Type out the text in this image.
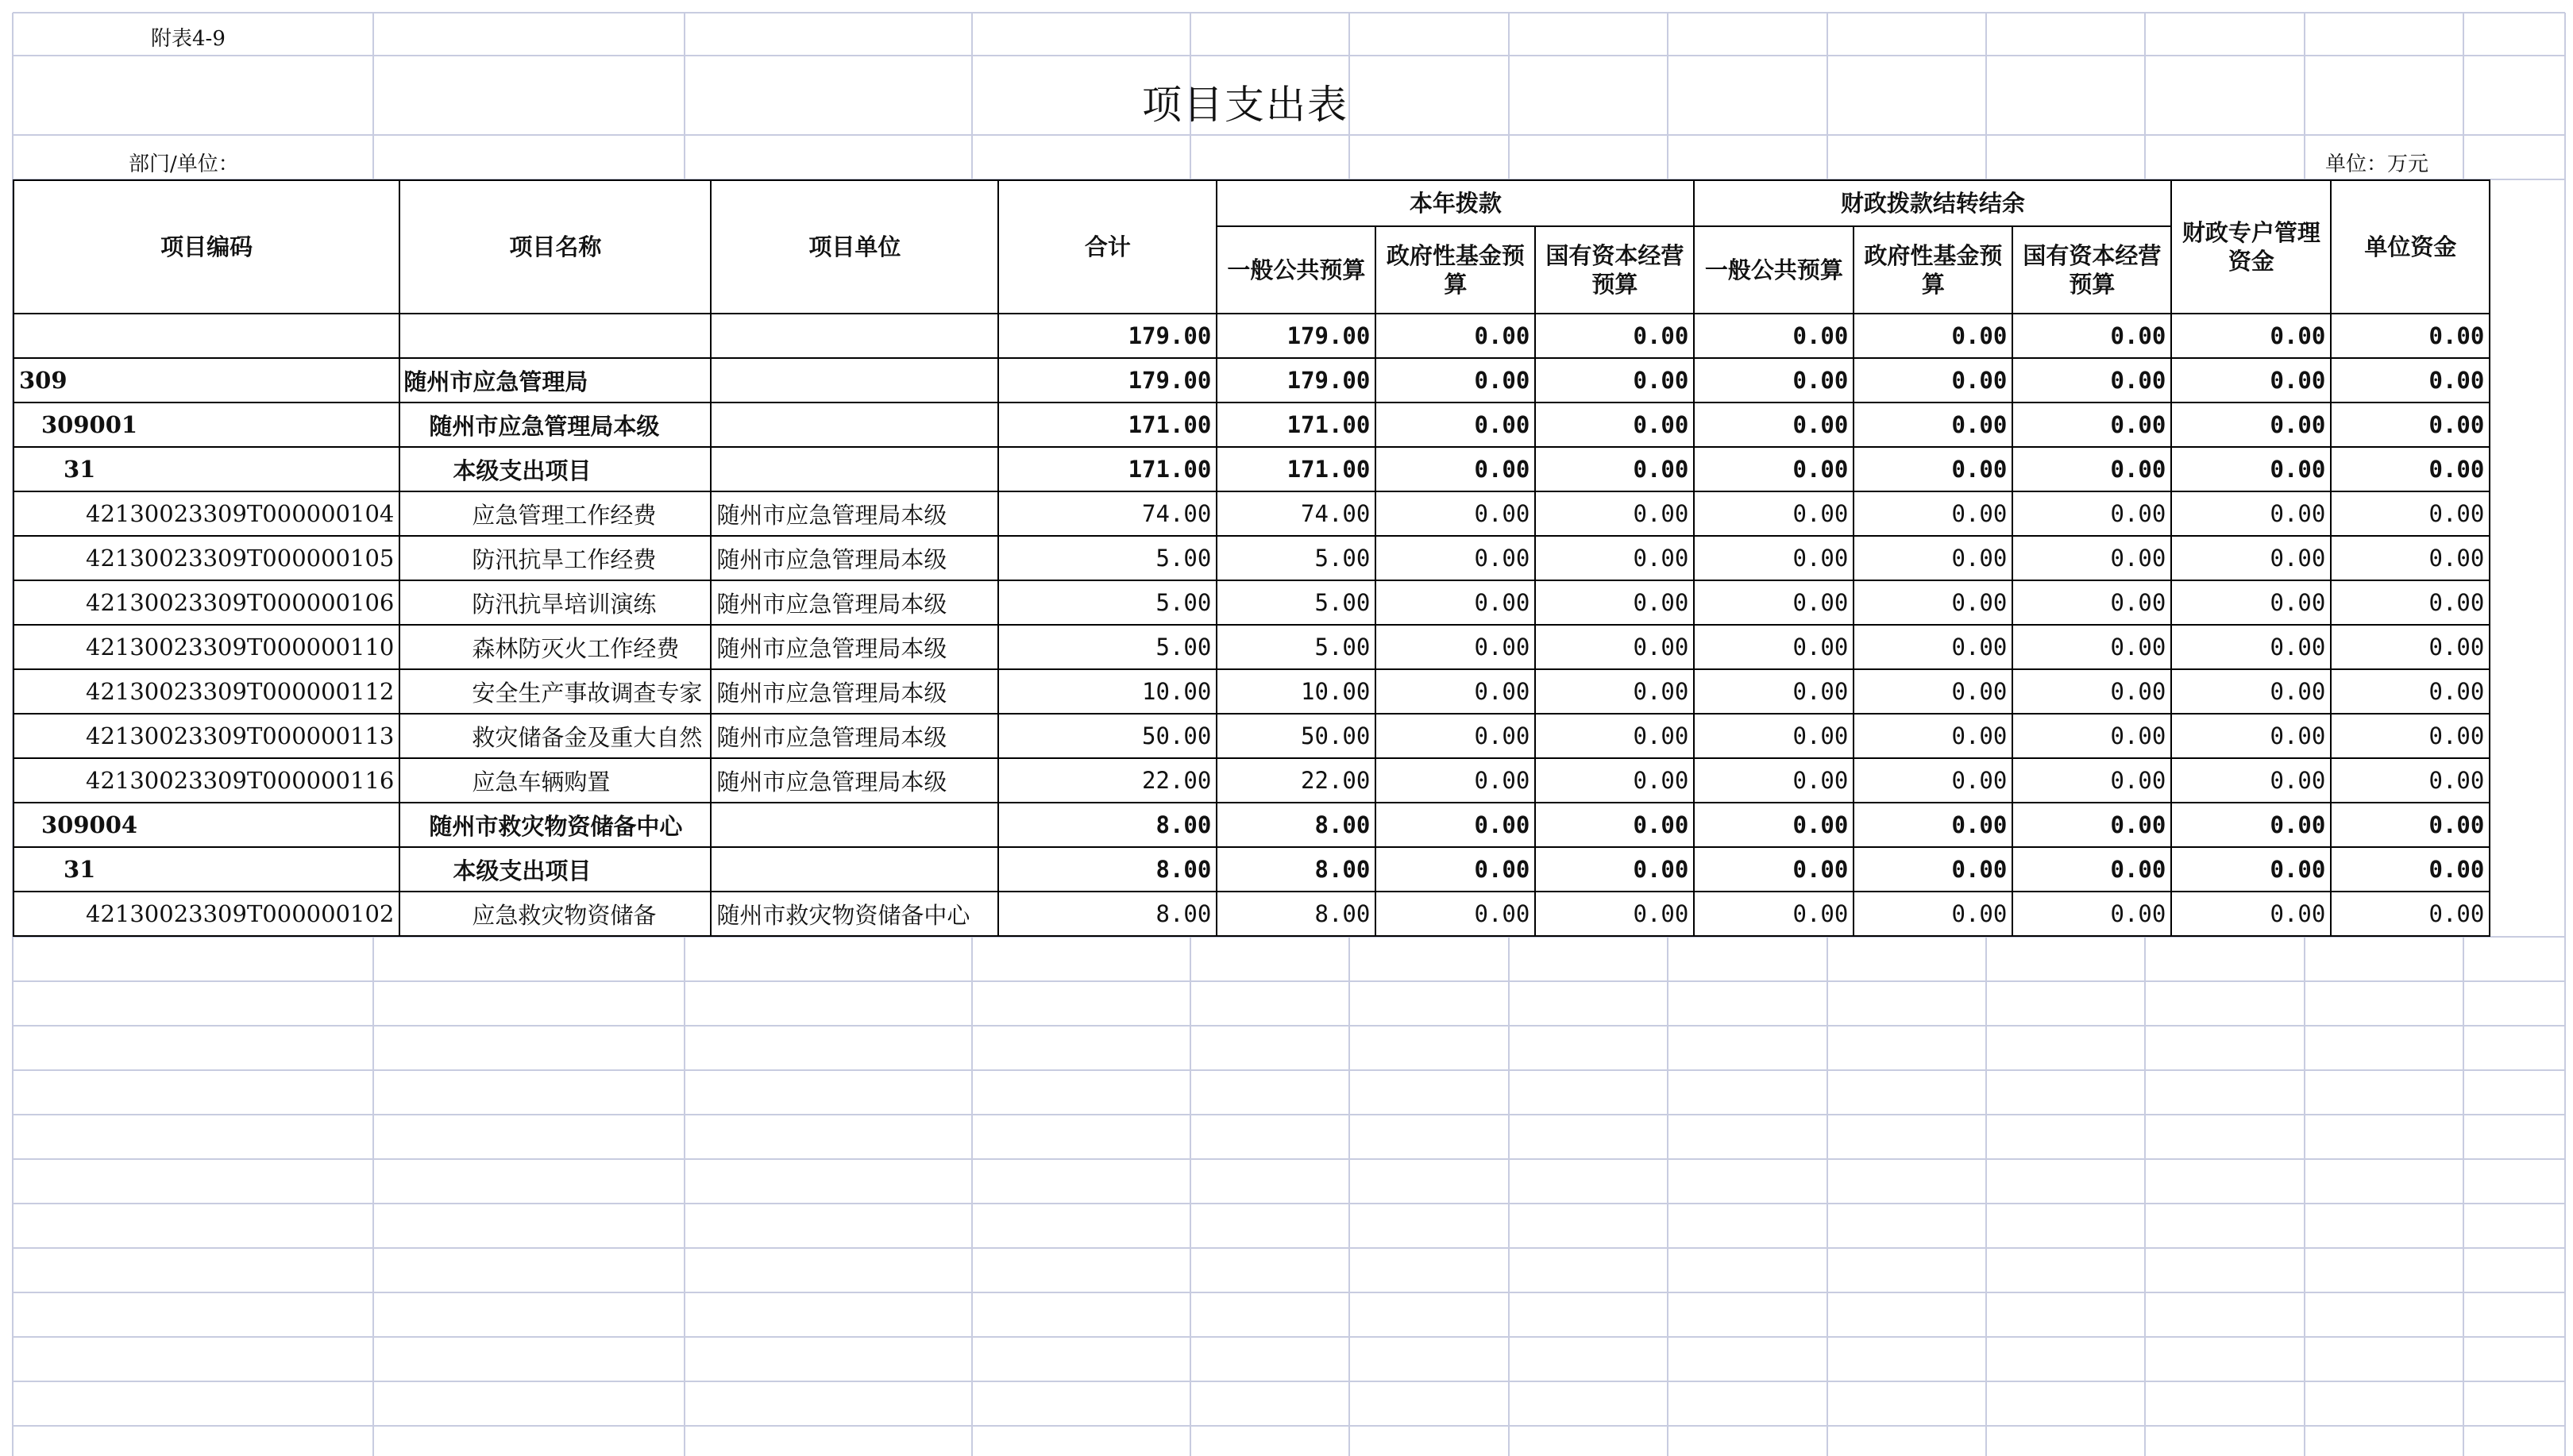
附表4-9
项目支出表
部门/单位：	单位：万元
项目编码	项目名称	项目单位	合计	本年拨款			财政拨款结转结余			财政专户管理资金	单位资金
				一般公共预算	政府性基金预算	国有资本经营预算	一般公共预算	政府性基金预算	国有资本经营预算		
			179.00	179.00	0.00	0.00	0.00	0.00	0.00	0.00	0.00
309	随州市应急管理局		179.00	179.00	0.00	0.00	0.00	0.00	0.00	0.00	0.00
309001	随州市应急管理局本级		171.00	171.00	0.00	0.00	0.00	0.00	0.00	0.00	0.00
31	本级支出项目		171.00	171.00	0.00	0.00	0.00	0.00	0.00	0.00	0.00
42130023309T000000104	应急管理工作经费	随州市应急管理局本级	74.00	74.00	0.00	0.00	0.00	0.00	0.00	0.00	0.00
42130023309T000000105	防汛抗旱工作经费	随州市应急管理局本级	5.00	5.00	0.00	0.00	0.00	0.00	0.00	0.00	0.00
42130023309T000000106	防汛抗旱培训演练	随州市应急管理局本级	5.00	5.00	0.00	0.00	0.00	0.00	0.00	0.00	0.00
42130023309T000000110	森林防灭火工作经费	随州市应急管理局本级	5.00	5.00	0.00	0.00	0.00	0.00	0.00	0.00	0.00
42130023309T000000112	安全生产事故调查专家	随州市应急管理局本级	10.00	10.00	0.00	0.00	0.00	0.00	0.00	0.00	0.00
42130023309T000000113	救灾储备金及重大自然	随州市应急管理局本级	50.00	50.00	0.00	0.00	0.00	0.00	0.00	0.00	0.00
42130023309T000000116	应急车辆购置	随州市应急管理局本级	22.00	22.00	0.00	0.00	0.00	0.00	0.00	0.00	0.00
309004	随州市救灾物资储备中心		8.00	8.00	0.00	0.00	0.00	0.00	0.00	0.00	0.00
31	本级支出项目		8.00	8.00	0.00	0.00	0.00	0.00	0.00	0.00	0.00
42130023309T000000102	应急救灾物资储备	随州市救灾物资储备中心	8.00	8.00	0.00	0.00	0.00	0.00	0.00	0.00	0.00
